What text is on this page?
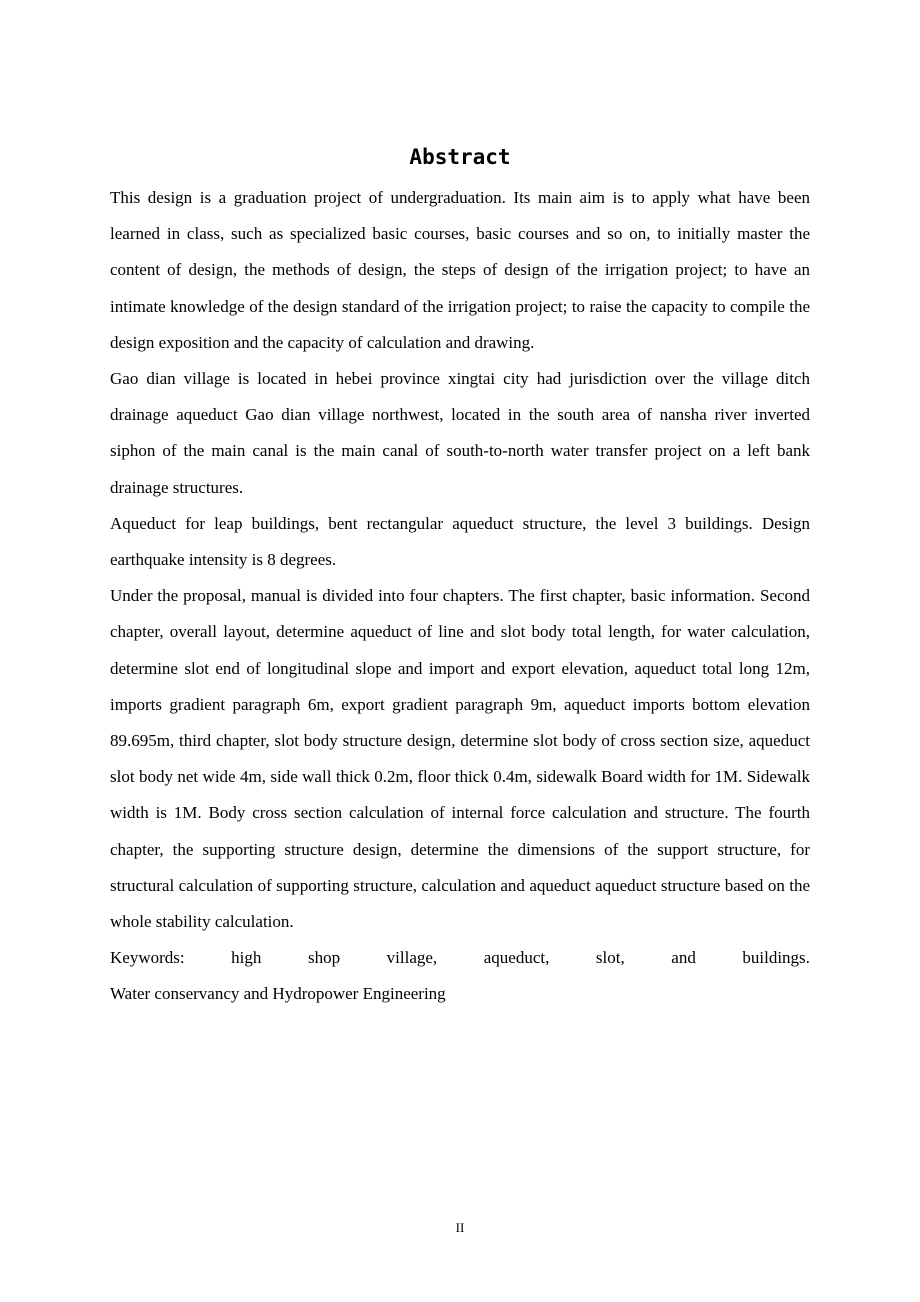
Abstract

This design is a graduation project of undergraduation. Its main aim is to apply what have been learned in class, such as specialized basic courses, basic courses and so on, to initially master the content of design, the methods of design, the steps of design of the irrigation project; to have an intimate knowledge of the design standard of the irrigation project; to raise the capacity to compile the design exposition and the capacity of calculation and drawing.

Gao dian village is located in hebei province xingtai city had jurisdiction over the village ditch drainage aqueduct Gao dian village northwest, located in the south area of nansha river inverted siphon of the main canal is the main canal of south-to-north water transfer project on a left bank drainage structures.

Aqueduct for leap buildings, bent rectangular aqueduct structure, the level 3 buildings. Design earthquake intensity is 8 degrees.

Under the proposal, manual is divided into four chapters. The first chapter, basic information. Second chapter, overall layout, determine aqueduct of line and slot body total length, for water calculation, determine slot end of longitudinal slope and import and export elevation, aqueduct total long 12m, imports gradient paragraph 6m, export gradient paragraph 9m, aqueduct imports bottom elevation 89.695m, third chapter, slot body structure design, determine slot body of cross section size, aqueduct slot body net wide 4m, side wall thick 0.2m, floor thick 0.4m, sidewalk Board width for 1M. Sidewalk width is 1M. Body cross section calculation of internal force calculation and structure. The fourth chapter, the supporting structure design, determine the dimensions of the support structure, for structural calculation of supporting structure, calculation and aqueduct aqueduct structure based on the whole stability calculation.

Keywords:	high	shop	village,	aqueduct,	slot,	and	buildings.

Water conservancy and Hydropower Engineering

II
